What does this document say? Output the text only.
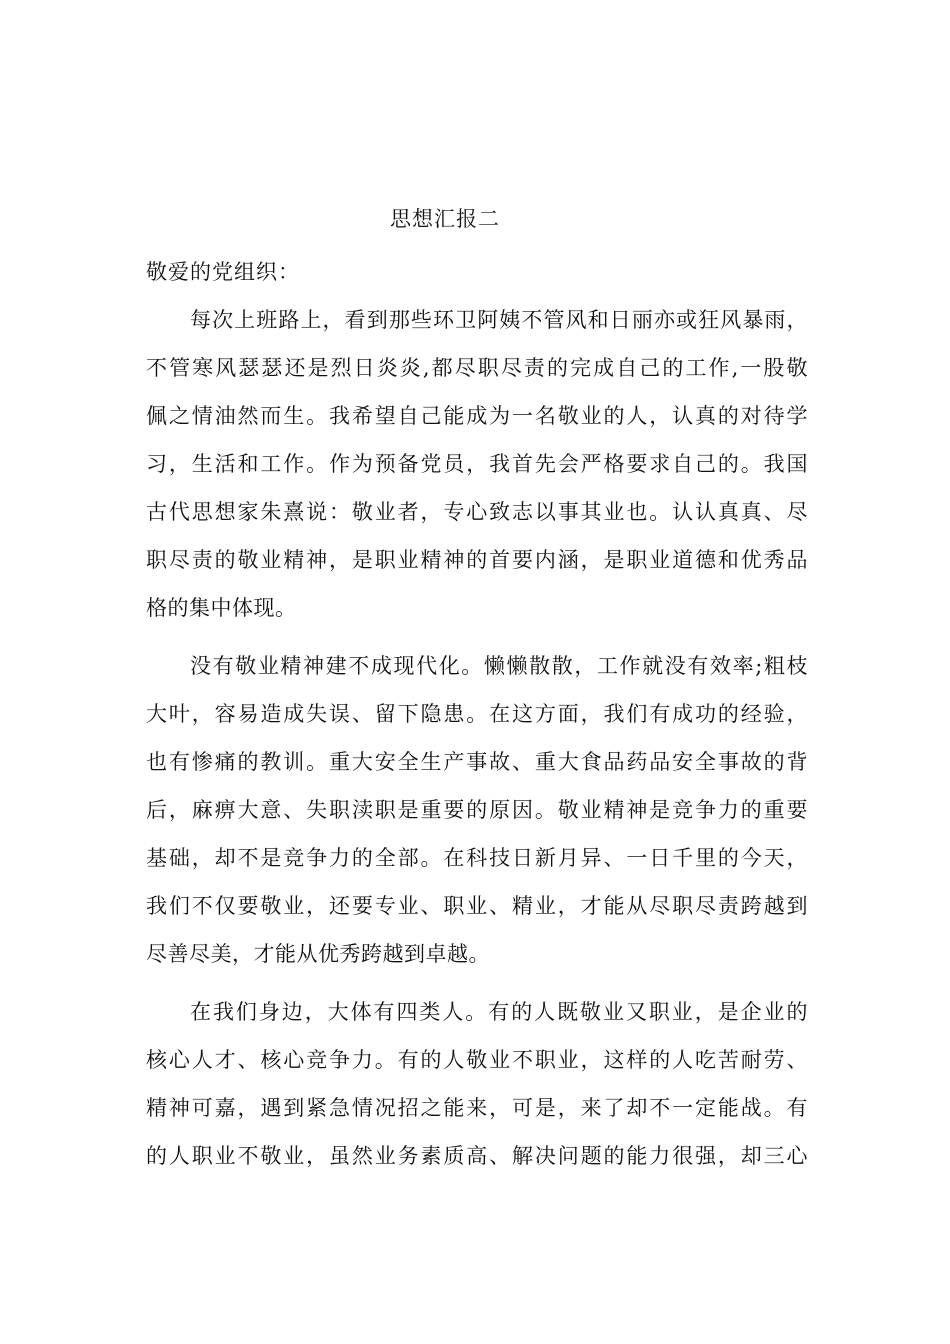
思想汇报二
敬爱的党组织：
每次上班路上，看到那些环卫阿姨不管风和日丽亦或狂风暴雨，
不管寒风瑟瑟还是烈日炎炎,都尽职尽责的完成自己的工作,一股敬
佩之情油然而生。我希望自己能成为一名敬业的人，认真的对待学
习，生活和工作。作为预备党员，我首先会严格要求自己的。我国
古代思想家朱熹说：敬业者，专心致志以事其业也。认认真真、尽
职尽责的敬业精神，是职业精神的首要内涵，是职业道德和优秀品
格的集中体现。
没有敬业精神建不成现代化。懒懒散散，工作就没有效率;粗枝
大叶，容易造成失误、留下隐患。在这方面，我们有成功的经验，
也有惨痛的教训。重大安全生产事故、重大食品药品安全事故的背
后，麻痹大意、失职渎职是重要的原因。敬业精神是竞争力的重要
基础，却不是竞争力的全部。在科技日新月异、一日千里的今天，
我们不仅要敬业，还要专业、职业、精业，才能从尽职尽责跨越到
尽善尽美，才能从优秀跨越到卓越。
在我们身边，大体有四类人。有的人既敬业又职业，是企业的
核心人才、核心竞争力。有的人敬业不职业，这样的人吃苦耐劳、
精神可嘉，遇到紧急情况招之能来，可是，来了却不一定能战。有
的人职业不敬业，虽然业务素质高、解决问题的能力很强，却三心
